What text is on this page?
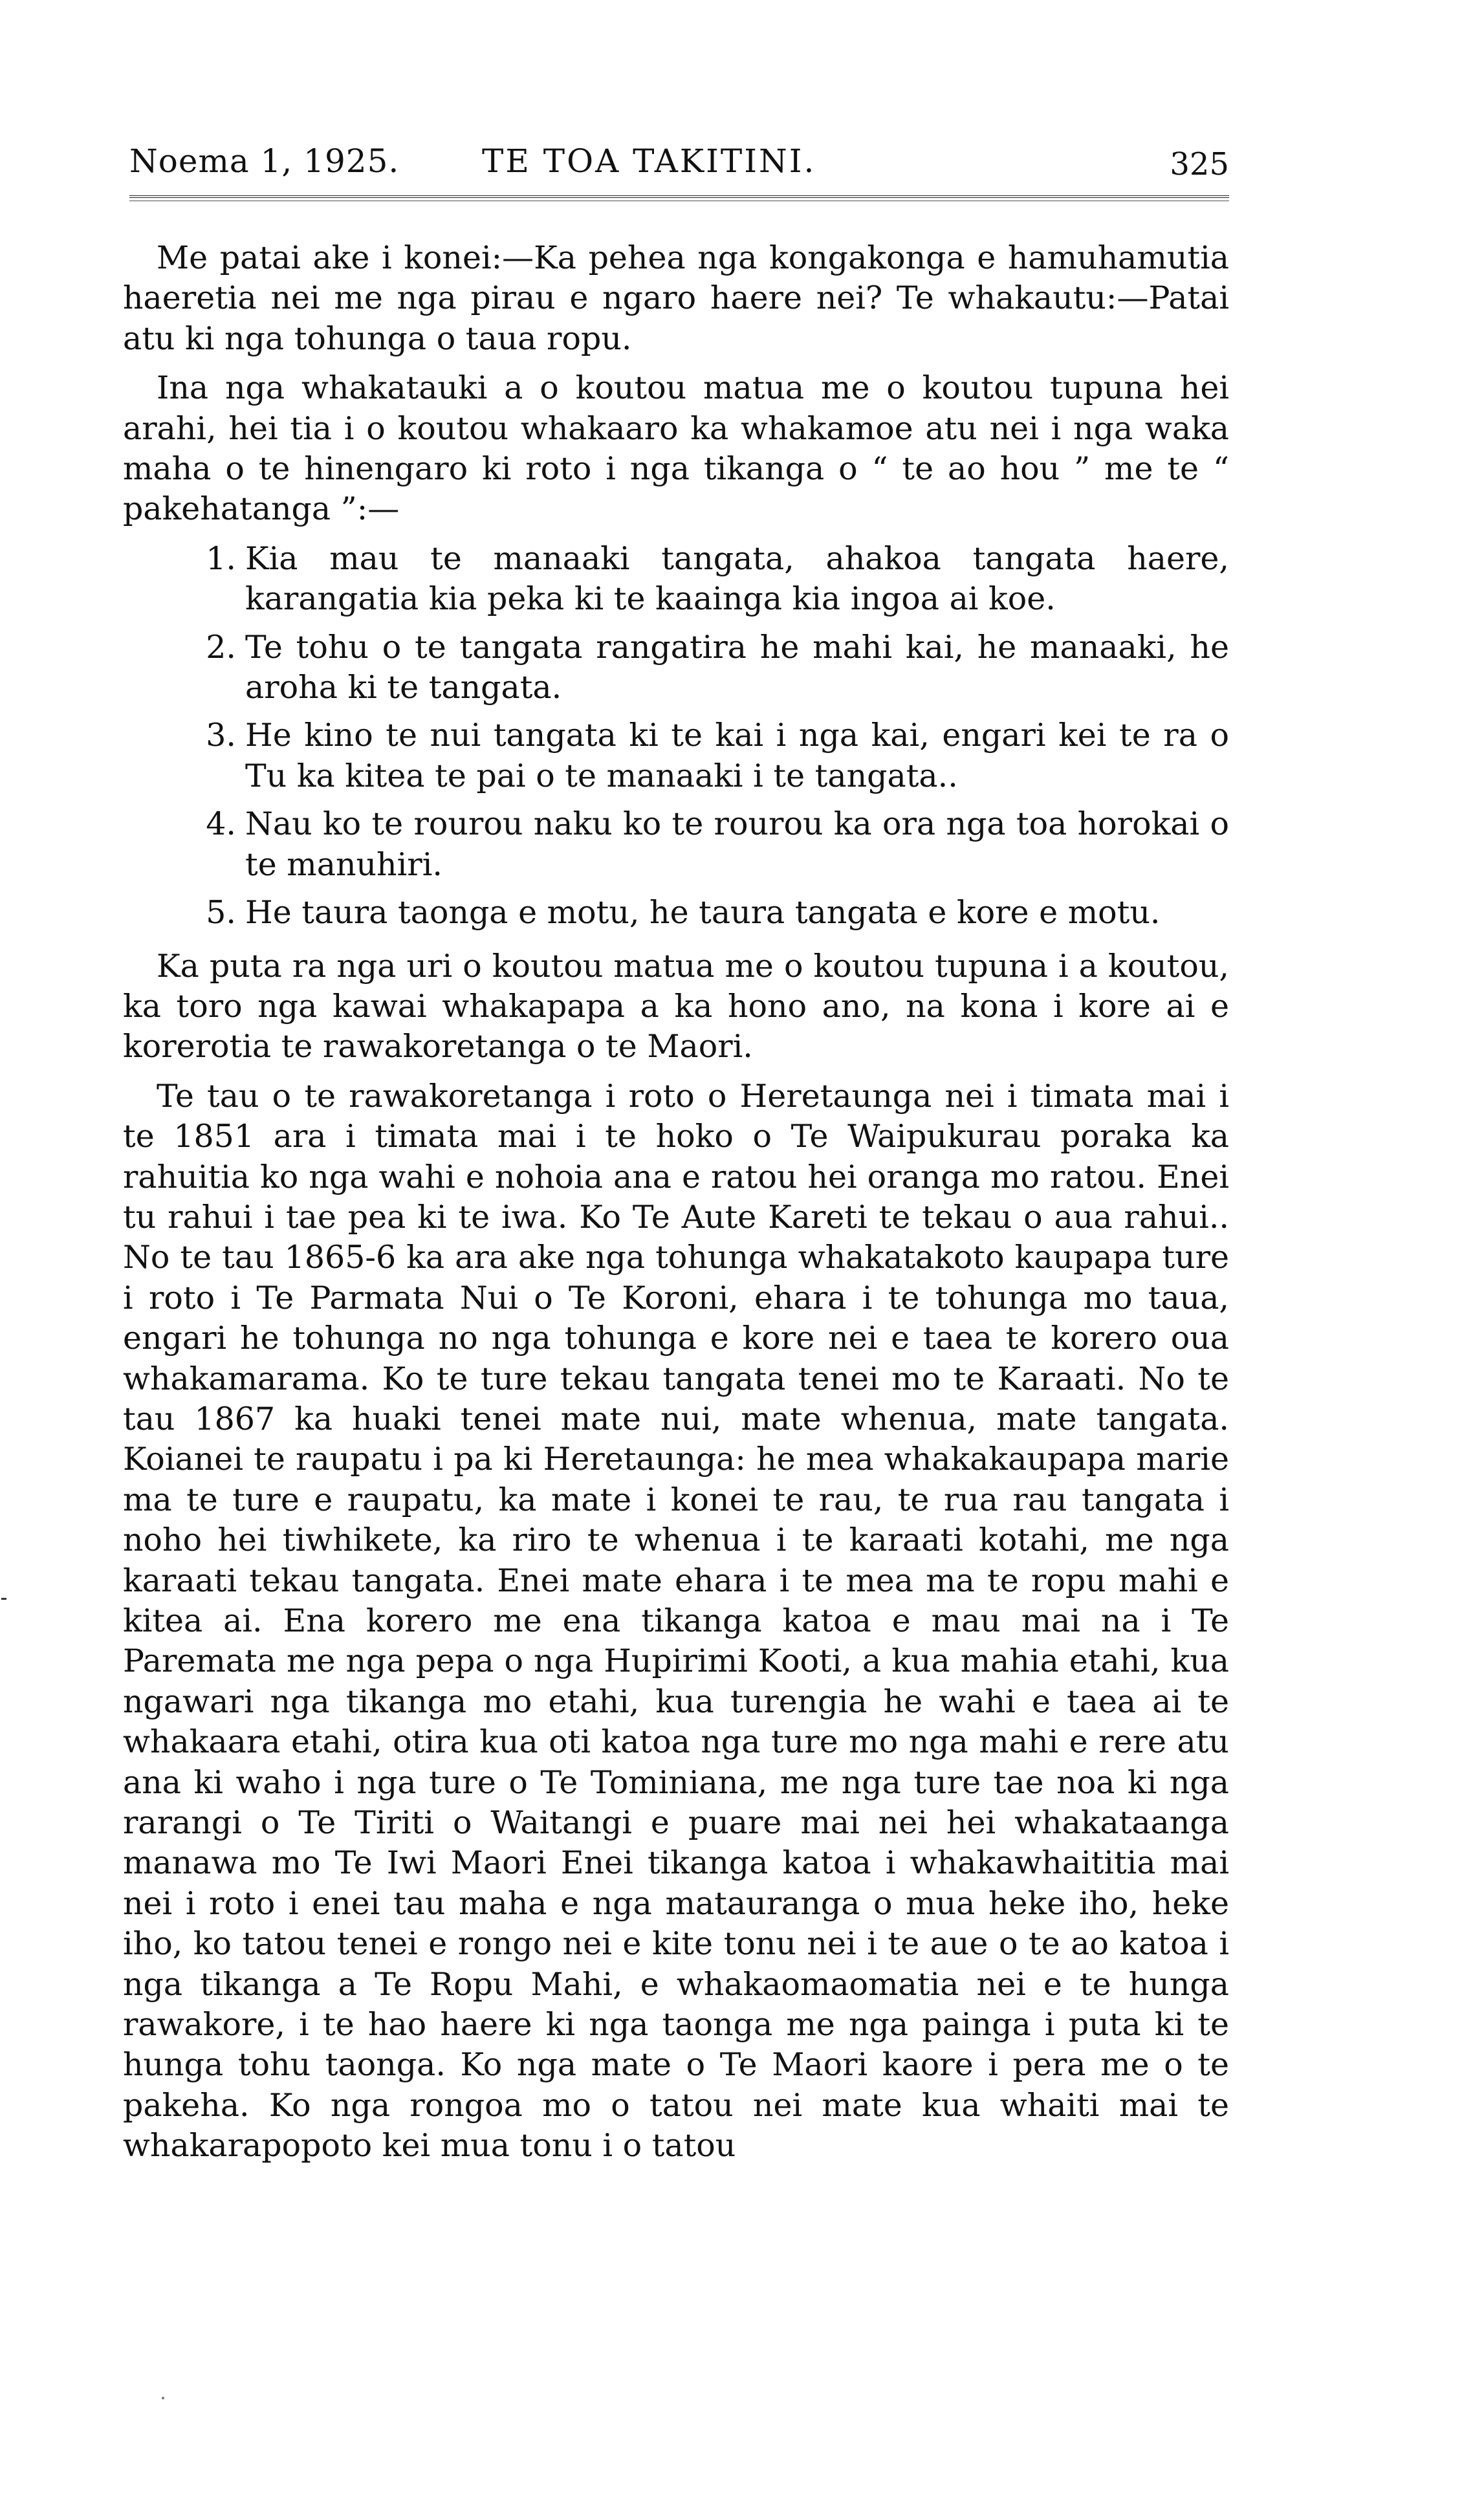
Noema 1, 1925.	TE TOA TAKITINI.	325

Me patai ake i konei:—Ka pehea nga kongakonga e hamuhamutia haeretia nei me nga pirau e ngaro haere nei? Te whakautu:—Patai atu ki nga tohunga o taua ropu.

Ina nga whakatauki a o koutou matua me o koutou tupuna hei arahi, hei tia i o koutou whakaaro ka whakamoe atu nei i nga waka maha o te hinengaro ki roto i nga tikanga o “ te ao hou ” me te “ pakehatanga ”:—

1. Kia mau te manaaki tangata, ahakoa tangata haere, karangatia kia peka ki te kaainga kia ingoa ai koe.
2. Te tohu o te tangata rangatira he mahi kai, he manaaki, he aroha ki te tangata.
3. He kino te nui tangata ki te kai i nga kai, engari kei te ra o Tu ka kitea te pai o te manaaki i te tangata..
4. Nau ko te rourou naku ko te rourou ka ora nga toa horokai o te manuhiri.
5. He taura taonga e motu, he taura tangata e kore e motu.

Ka puta ra nga uri o koutou matua me o koutou tupuna i a koutou, ka toro nga kawai whakapapa a ka hono ano, na kona i kore ai e korerotia te rawakoretanga o te Maori.

Te tau o te rawakoretanga i roto o Heretaunga nei i timata mai i te 1851 ara i timata mai i te hoko o Te Waipukurau poraka ka rahuitia ko nga wahi e nohoia ana e ratou hei oranga mo ratou. Enei tu rahui i tae pea ki te iwa. Ko Te Aute Kareti te tekau o aua rahui.. No te tau 1865-6 ka ara ake nga tohunga whakatakoto kaupapa ture i roto i Te Parmata Nui o Te Koroni, ehara i te tohunga mo taua, engari he tohunga no nga tohunga e kore nei e taea te korero oua whakamarama. Ko te ture tekau tangata tenei mo te Karaati. No te tau 1867 ka huaki tenei mate nui, mate whenua, mate tangata. Koianei te raupatu i pa ki Heretaunga: he mea whakakaupapa marie ma te ture e raupatu, ka mate i konei te rau, te rua rau tangata i noho hei tiwhikete, ka riro te whenua i te karaati kotahi, me nga karaati tekau tangata. Enei mate ehara i te mea ma te ropu mahi e kitea ai. Ena korero me ena tikanga katoa e mau mai na i Te Paremata me nga pepa o nga Hupirimi Kooti, a kua mahia etahi, kua ngawari nga tikanga mo etahi, kua turengia he wahi e taea ai te whakaara etahi, otira kua oti katoa nga ture mo nga mahi e rere atu ana ki waho i nga ture o Te Tominiana, me nga ture tae noa ki nga rarangi o Te Tiriti o Waitangi e puare mai nei hei whakataanga manawa mo Te Iwi Maori Enei tikanga katoa i whakawhaititia mai nei i roto i enei tau maha e nga matauranga o mua heke iho, heke iho, ko tatou tenei e rongo nei e kite tonu nei i te aue o te ao katoa i nga tikanga a Te Ropu Mahi, e whakaomaomatia nei e te hunga rawakore, i te hao haere ki nga taonga me nga painga i puta ki te hunga tohu taonga. Ko nga mate o Te Maori kaore i pera me o te pakeha. Ko nga rongoa mo o tatou nei mate kua whaiti mai te whakarapopoto kei mua tonu i o tatou
